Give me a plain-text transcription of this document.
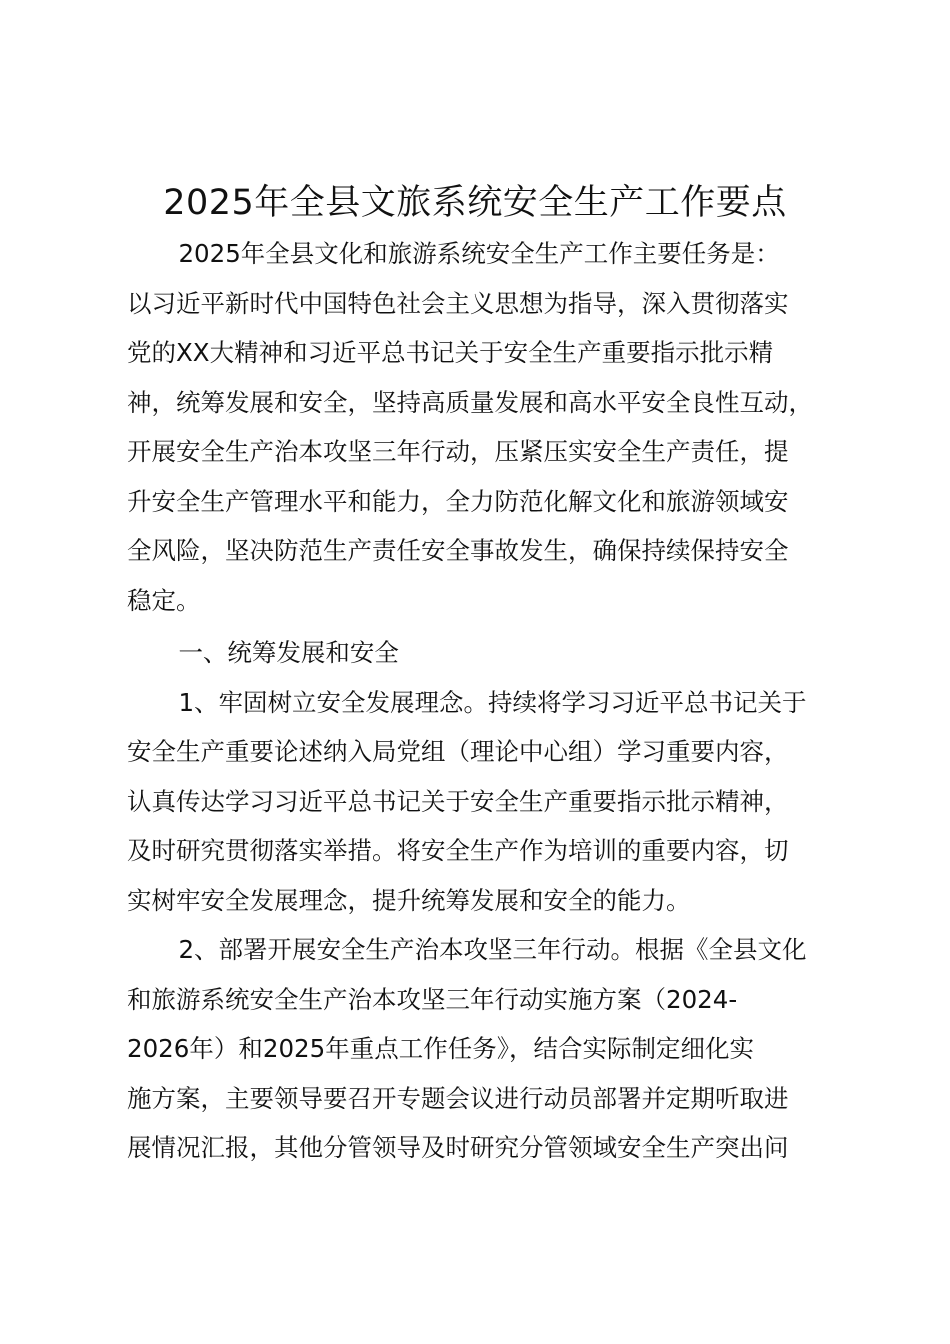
2025年全县文旅系统安全生产工作要点

2025年全县文化和旅游系统安全生产工作主要任务是：
以习近平新时代中国特色社会主义思想为指导，深入贯彻落实
党的XX大精神和习近平总书记关于安全生产重要指示批示精
神，统筹发展和安全，坚持高质量发展和高水平安全良性互动，
开展安全生产治本攻坚三年行动，压紧压实安全生产责任，提
升安全生产管理水平和能力，全力防范化解文化和旅游领域安
全风险，坚决防范生产责任安全事故发生，确保持续保持安全
稳定。

一、统筹发展和安全

1、牢固树立安全发展理念。持续将学习习近平总书记关于
安全生产重要论述纳入局党组（理论中心组）学习重要内容，
认真传达学习习近平总书记关于安全生产重要指示批示精神，
及时研究贯彻落实举措。将安全生产作为培训的重要内容，切
实树牢安全发展理念，提升统筹发展和安全的能力。

2、部署开展安全生产治本攻坚三年行动。根据《全县文化
和旅游系统安全生产治本攻坚三年行动实施方案（2024-
2026年）和2025年重点工作任务》，结合实际制定细化实
施方案，主要领导要召开专题会议进行动员部署并定期听取进
展情况汇报，其他分管领导及时研究分管领域安全生产突出问
